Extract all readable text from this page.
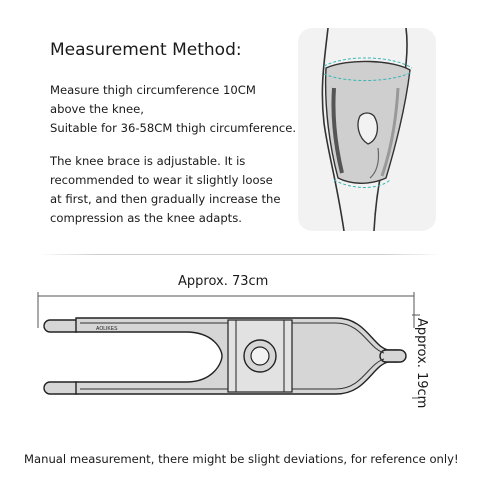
Measurement Method:
Measure thigh circumference 10CM
above the knee,
Suitable for 36-58CM thigh circumference.
The knee brace is adjustable. It is
recommended to wear it slightly loose
at first, and then gradually increase the
compression as the knee adapts.
Approx. 73cm
Approx. 19cm
AOLIKES
Manual measurement, there might be slight deviations, for reference only!
